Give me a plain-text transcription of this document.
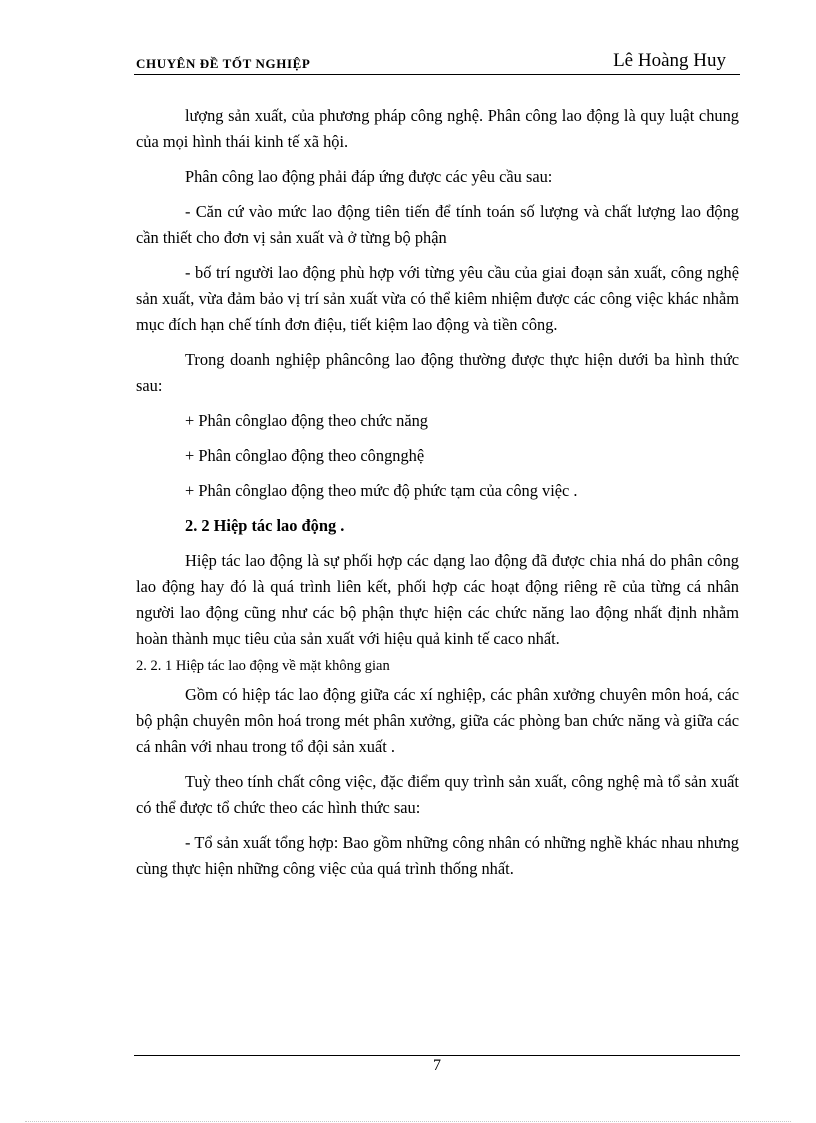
CHUYÊN ĐỀ TỐT NGHIỆP	Lê Hoàng Huy

lượng sản xuất, của phương pháp công nghệ. Phân công lao động là quy luật chung của mọi hình thái kinh tế xã hội.

Phân công lao động phải đáp ứng được các yêu cầu sau:

- Căn cứ vào mức lao động tiên tiến để tính toán số lượng và chất lượng lao động cần thiết cho đơn vị sản xuất và ở từng bộ phận

- bố trí người lao động phù hợp với từng yêu cầu của giai đoạn sản xuất, công nghệ sản xuất, vừa đảm bảo vị trí sản xuất vừa có thể kiêm nhiệm được các công việc khác nhằm mục đích hạn chế tính đơn điệu, tiết kiệm lao động và tiền công.

Trong doanh nghiệp phâncông lao động thường được thực hiện dưới ba hình thức sau:

+ Phân cônglao động theo chức năng
+ Phân cônglao động theo côngnghệ
+ Phân cônglao động theo mức độ phức tạm của công việc .
2. 2 Hiệp tác lao động .

Hiệp tác lao động là sự phối hợp các dạng lao động đã được chia nhá do phân công lao động hay đó là quá trình liên kết, phối hợp các hoạt động riêng rẽ của từng cá nhân người lao động cũng như các bộ phận thực hiện các chức năng lao động nhất định nhằm hoàn thành mục tiêu của sản xuất với hiệu quả kinh tế caco nhất.

2. 2. 1 Hiệp tác lao động về mặt không gian

Gồm có hiệp tác lao động giữa các xí nghiệp, các phân xưởng chuyên môn hoá, các bộ phận chuyên môn hoá trong mét phân xưởng, giữa các phòng ban chức năng và giữa các cá nhân với nhau trong tổ đội sản xuất .

Tuỳ theo tính chất công việc, đặc điểm quy trình sản xuất, công nghệ mà tổ sản xuất có thể được tổ chức theo các hình thức sau:

- Tổ sản xuất tổng hợp: Bao gồm những công nhân có những nghề khác nhau nhưng cùng thực hiện những công việc của quá trình thống nhất.

7
